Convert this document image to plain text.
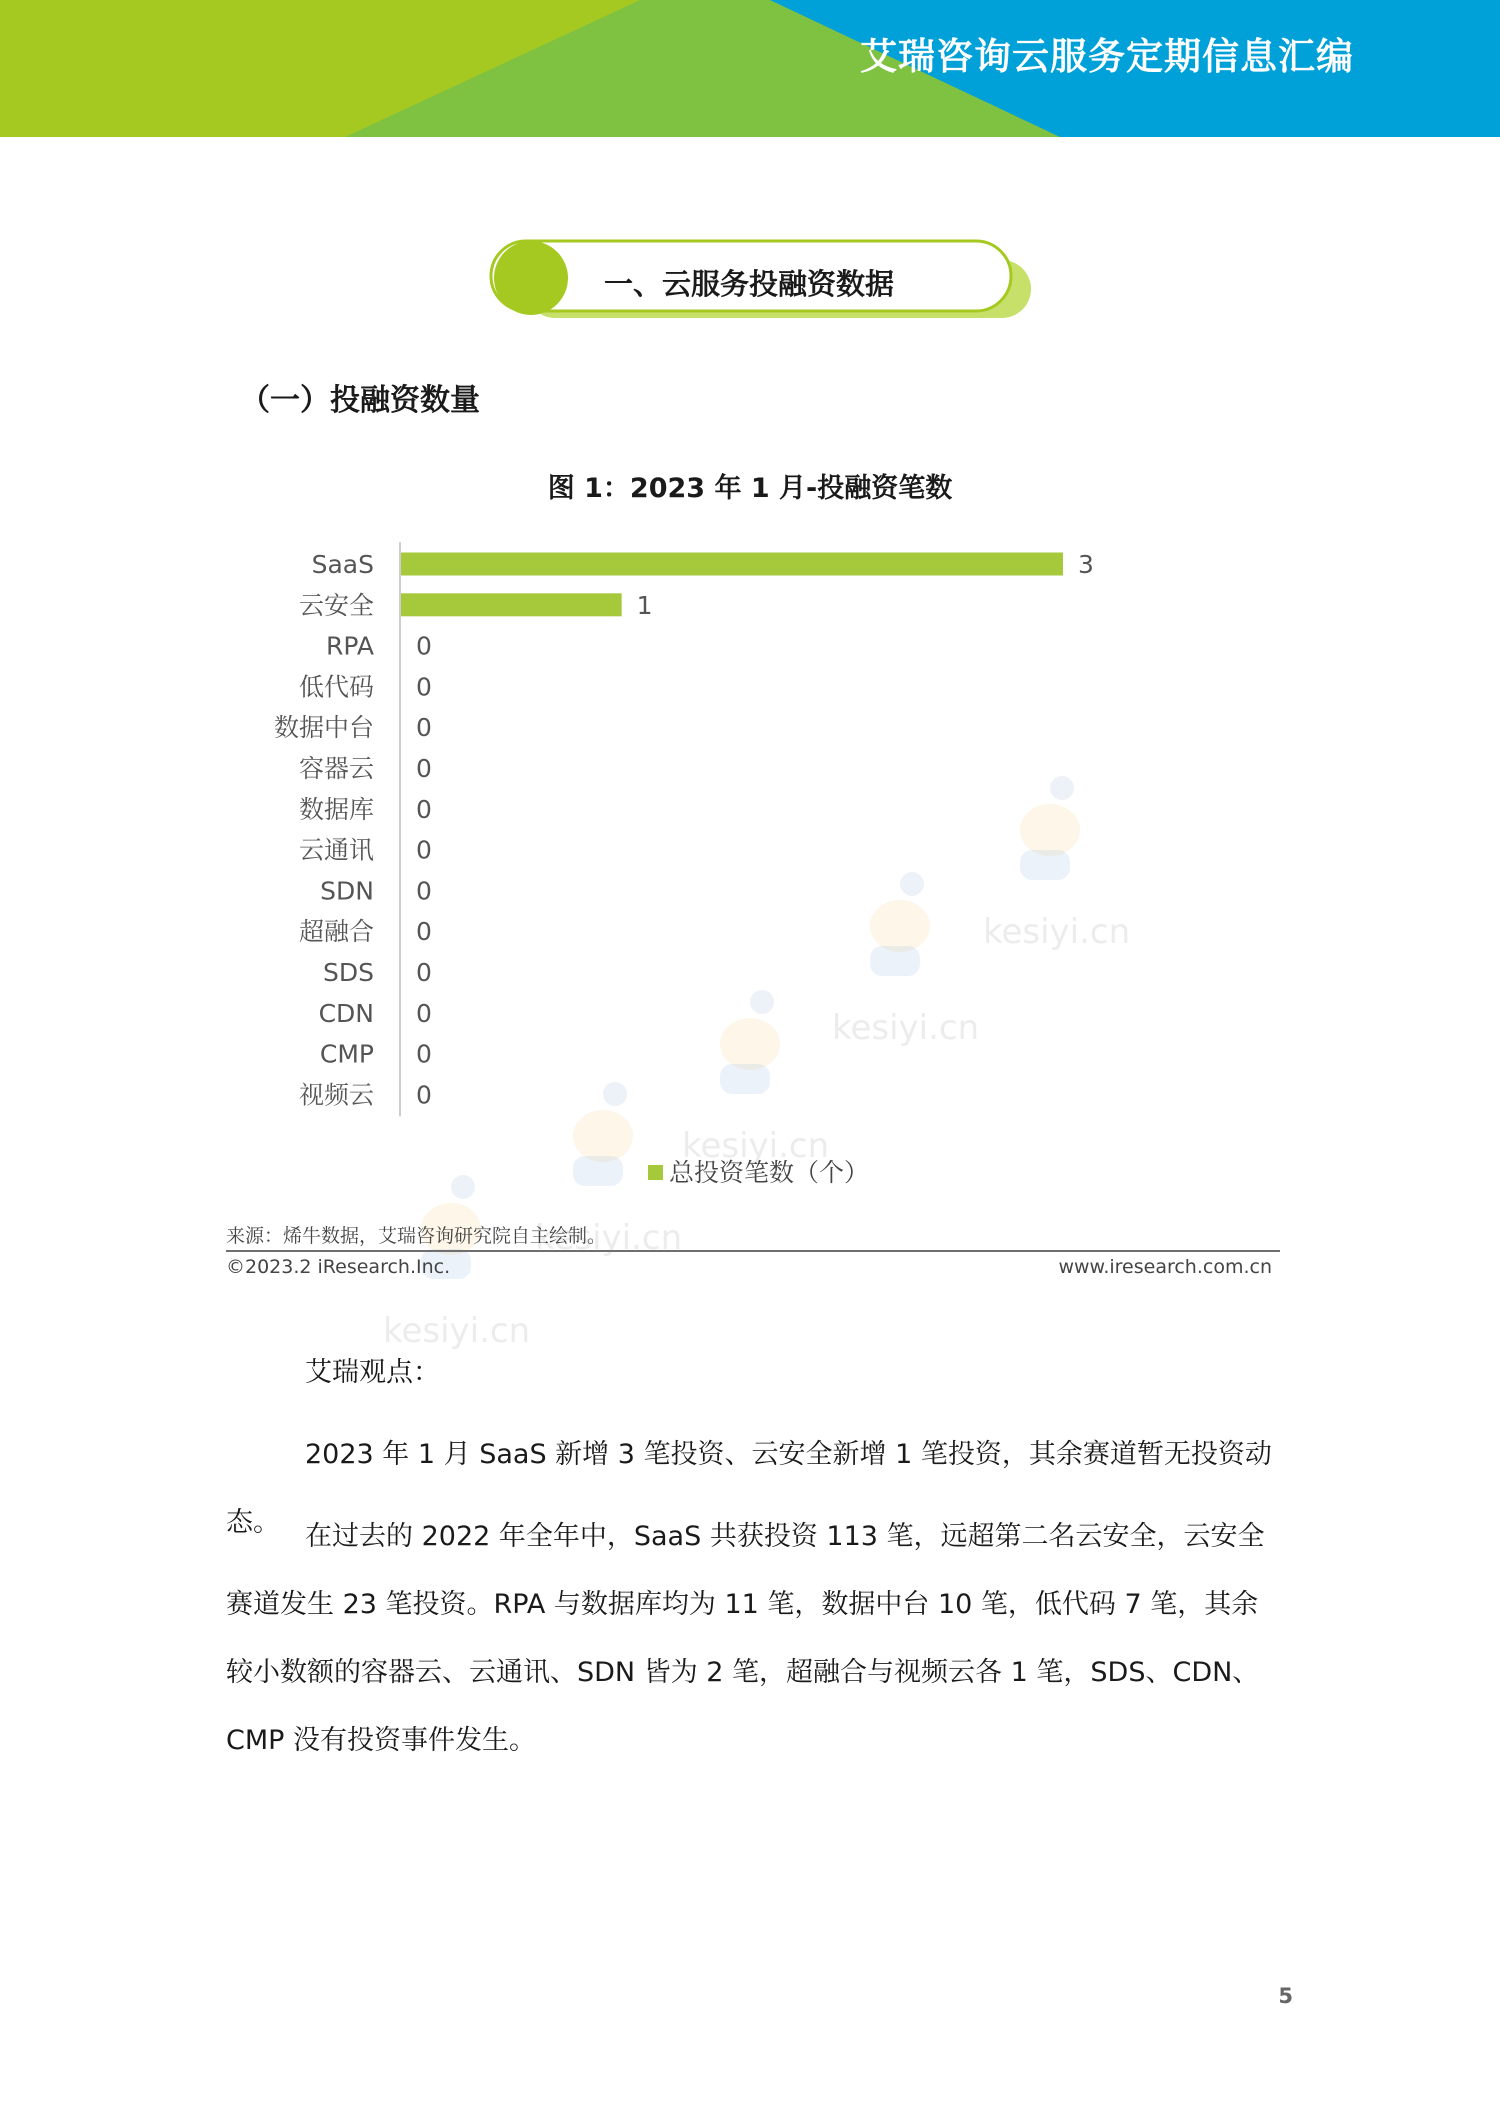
艾瑞咨询云服务定期信息汇编
一、云服务投融资数据
（一）投融资数量
图 1：2023 年 1 月-投融资笔数
kesiyi.cn
kesiyi.cn
kesiyi.cn
kesiyi.cn
kesiyi.cn
SaaS	3
云安全	1
RPA 0
低代码 0
数据中台 0
容器云 0
数据库 0
云通讯 0
SDN 0
超融合 0
SDS 0
CDN 0
CMP 0
视频云 0
总投资笔数（个）
来源：烯牛数据，艾瑞咨询研究院自主绘制。
©2023.2 iResearch.Inc.	www.iresearch.com.cn
艾瑞观点：
2023 年 1 月 SaaS 新增 3 笔投资、云安全新增 1 笔投资，其余赛道暂无投资动态。 在过去的 2022 年全年中，SaaS 共获投资 113 笔，远超第二名云安全，云安全赛道发生 23 笔投资。RPA 与数据库均为 11 笔，数据中台 10 笔，低代码 7 笔，其余较小数额的容器云、云通讯、SDN 皆为 2 笔，超融合与视频云各 1 笔，SDS、CDN、CMP 没有投资事件发生。
5
